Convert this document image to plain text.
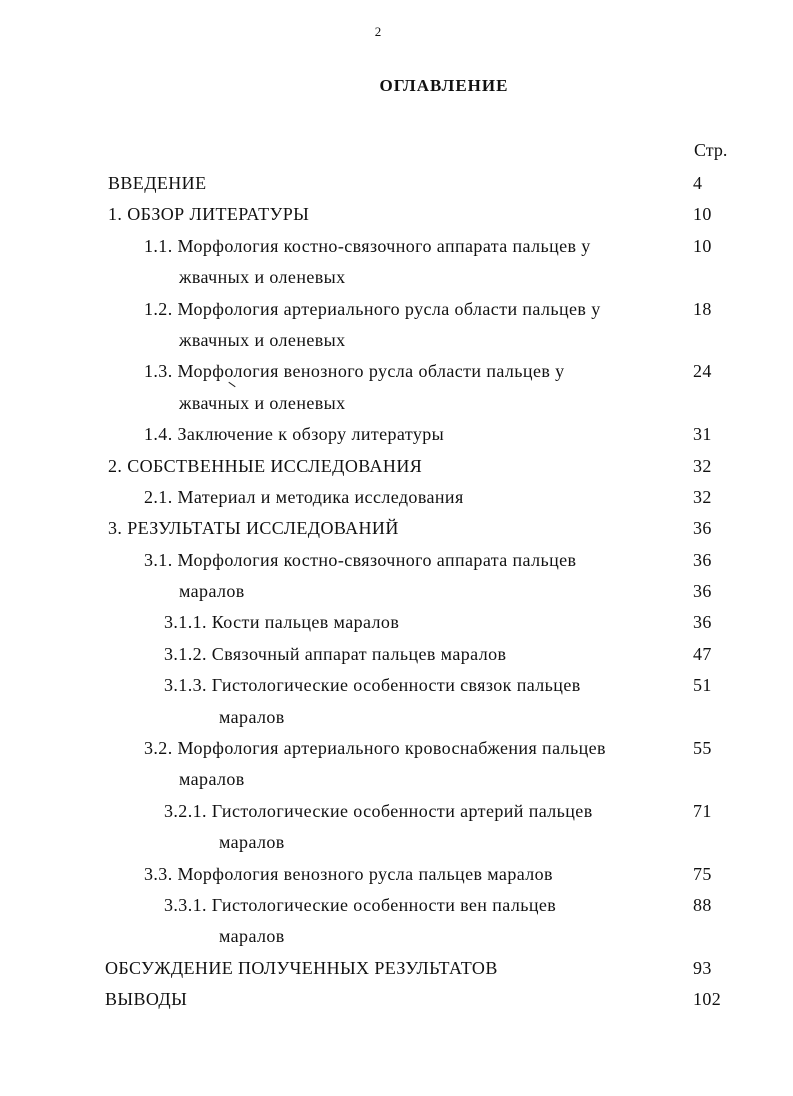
2
ОГЛАВЛЕНИЕ
Стр.
ВВЕДЕНИЕ	4
1. ОБЗОР ЛИТЕРАТУРЫ	10
1.1. Морфология костно-связочного аппарата пальцев у	10
жвачных и оленевых
1.2. Морфология артериального русла области пальцев у	18
жвачных и оленевых
1.3. Морфология венозного русла области пальцев у	24
жвачных и оленевых
1.4. Заключение к обзору литературы	31
2. СОБСТВЕННЫЕ ИССЛЕДОВАНИЯ	32
2.1. Материал и методика исследования	32
3. РЕЗУЛЬТАТЫ ИССЛЕДОВАНИЙ	36
3.1. Морфология костно-связочного аппарата пальцев	36
маралов	36
3.1.1. Кости пальцев маралов	36
3.1.2. Связочный аппарат пальцев маралов	47
3.1.3. Гистологические особенности связок пальцев	51
маралов
3.2. Морфология артериального кровоснабжения пальцев	55
маралов
3.2.1. Гистологические особенности артерий пальцев	71
маралов
3.3. Морфология венозного русла пальцев маралов	75
3.3.1. Гистологические особенности вен пальцев	88
маралов
ОБСУЖДЕНИЕ ПОЛУЧЕННЫХ РЕЗУЛЬТАТОВ	93
ВЫВОДЫ	102
